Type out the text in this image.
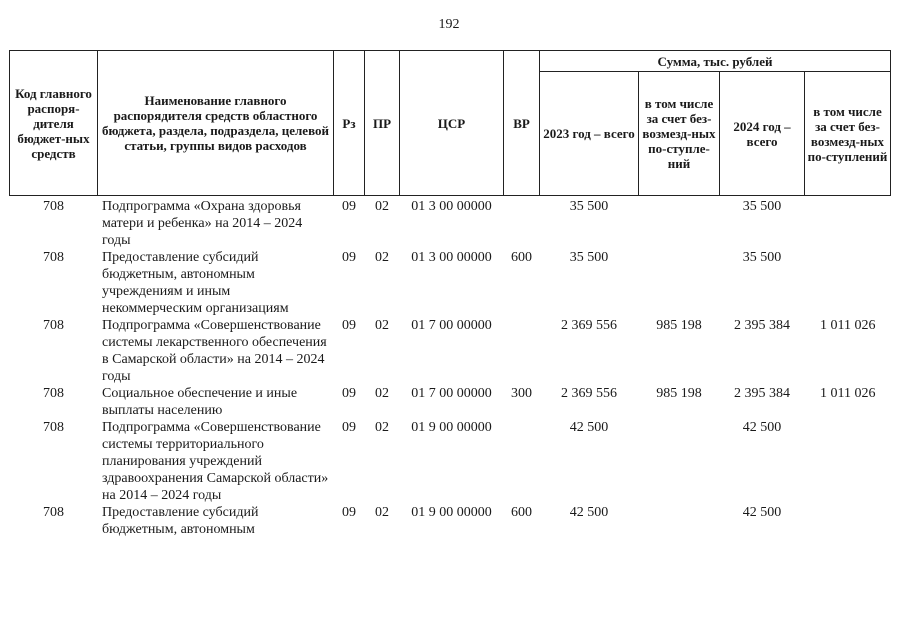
192
Код главного распоря-дителя бюджет-ных средств	Наименование главного распорядителя средств областного бюджета, раздела, подраздела, целевой статьи, группы видов расходов	Рз	ПР	ЦСР	ВР	Сумма, тыс. рублей			
						2023 год – всего	в том числе за счет без-возмезд-ных по-ступле-ний	2024 год – всего	в том числе за счет без-возмезд-ных по-ступлений
708	Подпрограмма «Охрана здоровья матери и ребенка» на 2014 – 2024 годы	09	02	01 3 00 00000		35 500		35 500	
708	Предоставление субсидий бюджетным, автономным учреждениям и иным некоммерческим организациям	09	02	01 3 00 00000	600	35 500		35 500	
708	Подпрограмма «Совершенствование системы лекарственного обеспечения в Самарской области» на 2014 – 2024 годы	09	02	01 7 00 00000		2 369 556	985 198	2 395 384	1 011 026
708	Социальное обеспечение и иные выплаты населению	09	02	01 7 00 00000	300	2 369 556	985 198	2 395 384	1 011 026
708	Подпрограмма «Совершенствование системы территориального планирования учреждений здравоохранения Самарской области» на 2014 – 2024 годы	09	02	01 9 00 00000		42 500		42 500	
708	Предоставление субсидий бюджетным, автономным	09	02	01 9 00 00000	600	42 500		42 500	
